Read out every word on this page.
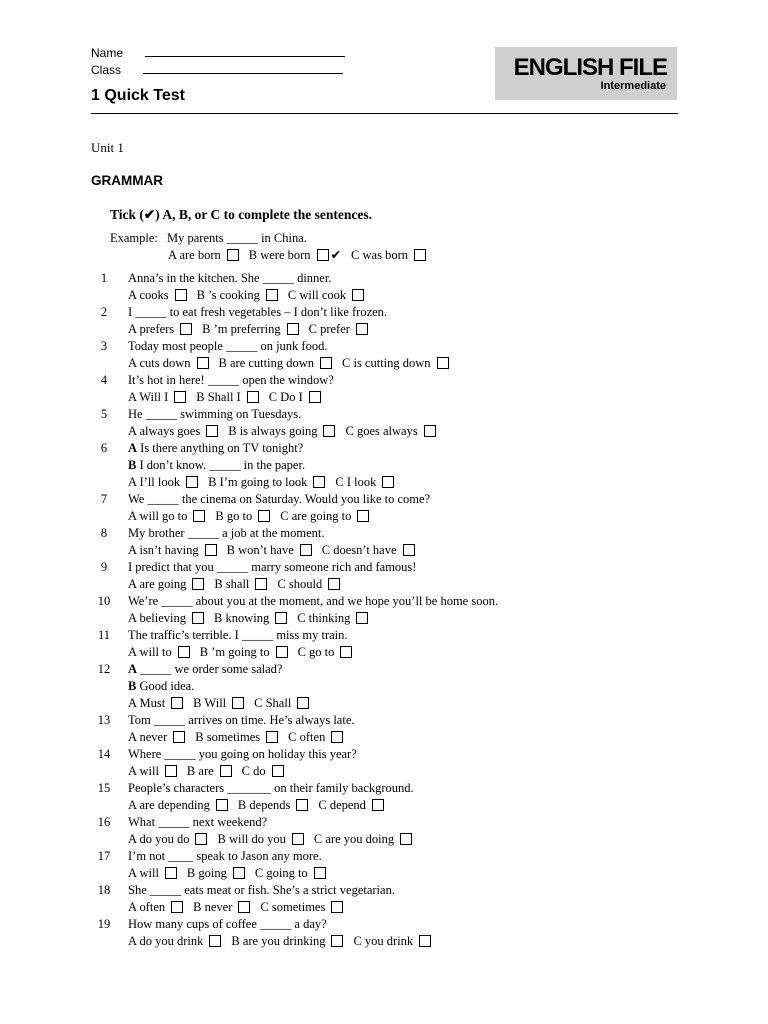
Name
Class
1 Quick Test
ENGLISH FILE
Intermediate
Unit 1
GRAMMAR
Tick (✔) A, B, or C to complete the sentences.
Example: My parents _____ in China.
A are born B were born ✔ C was born
1	Anna’s in the kitchen. She _____ dinner.
A cooks B ’s cooking C will cook
2	I _____ to eat fresh vegetables – I don’t like frozen.
A prefers B ’m preferring C prefer
3	Today most people _____ on junk food.
A cuts down B are cutting down C is cutting down
4	It’s hot in here! _____ open the window?
A Will I B Shall I C Do I
5	He _____ swimming on Tuesdays.
A always goes B is always going C goes always
6	A Is there anything on TV tonight?
B I don’t know. _____ in the paper.
A I’ll look B I’m going to look C I look
7	We _____ the cinema on Saturday. Would you like to come?
A will go to B go to C are going to
8	My brother _____ a job at the moment.
A isn’t having B won’t have C doesn’t have
9	I predict that you _____ marry someone rich and famous!
A are going B shall C should
10	We’re _____ about you at the moment, and we hope you’ll be home soon.
A believing B knowing C thinking
11	The traffic’s terrible. I _____ miss my train.
A will to B ’m going to C go to
12	A _____ we order some salad?
B Good idea.
A Must B Will C Shall
13	Tom _____ arrives on time. He’s always late.
A never B sometimes C often
14	Where _____ you going on holiday this year?
A will B are C do
15	People’s characters _______ on their family background.
A are depending B depends C depend
16	What _____ next weekend?
A do you do B will do you C are you doing
17	I’m not ____ speak to Jason any more.
A will B going C going to
18	She _____ eats meat or fish. She’s a strict vegetarian.
A often B never C sometimes
19	How many cups of coffee _____ a day?
A do you drink B are you drinking C you drink
